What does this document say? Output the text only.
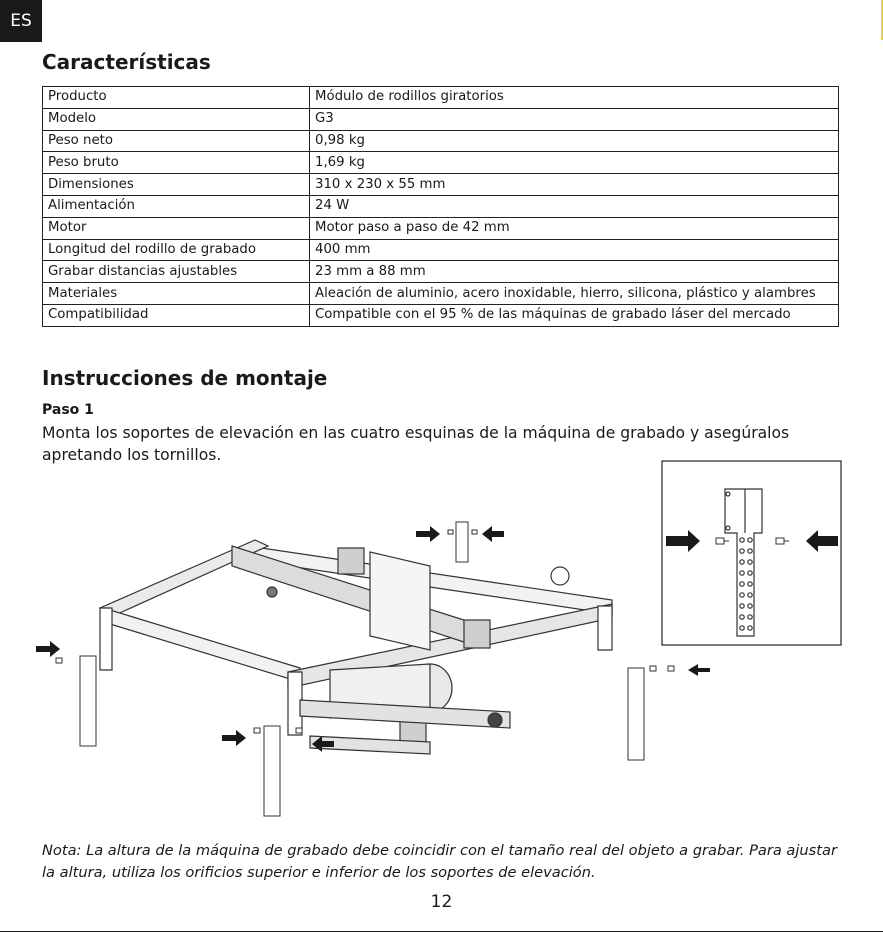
ES
Características
Producto	Módulo de rodillos giratorios
Modelo	G3
Peso neto	0,98 kg
Peso bruto	1,69 kg
Dimensiones	310 x 230 x 55 mm
Alimentación	24 W
Motor	Motor paso a paso de 42 mm
Longitud del rodillo de grabado	400 mm
Grabar distancias ajustables	23 mm a 88 mm
Materiales	Aleación de aluminio, acero inoxidable, hierro, silicona, plástico y alambres
Compatibilidad	Compatible con el 95 % de las máquinas de grabado láser del mercado
Instrucciones de montaje
Paso 1
Monta los soportes de elevación en las cuatro esquinas de la máquina de grabado y asegúralos apretando los tornillos.
Nota: La altura de la máquina de grabado debe coincidir con el tamaño real del objeto a grabar. Para ajustar la altura, utiliza los orificios superior e inferior de los soportes de elevación.
12
